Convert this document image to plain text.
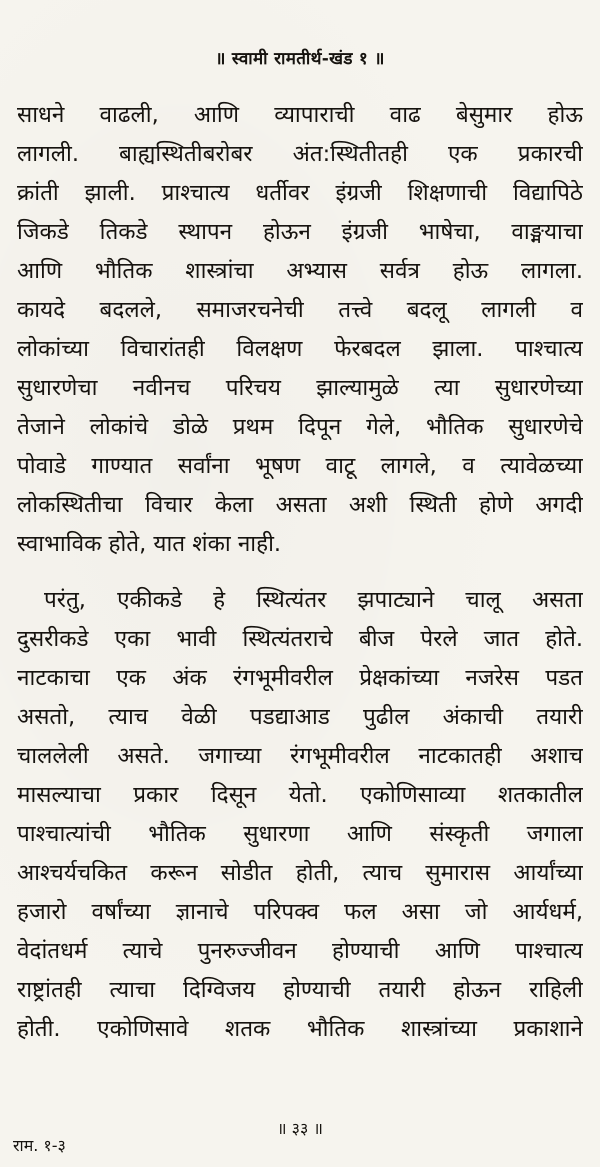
॥ स्वामी रामतीर्थ-खंड १ ॥

साधने वाढली, आणि व्यापाराची वाढ बेसुमार होऊ
लागली. बाह्यस्थितीबरोबर अंत:स्थितीतही एक प्रकारची
क्रांती झाली. प्राश्चात्य धर्तीवर इंग्रजी शिक्षणाची विद्यापिठे
जिकडे तिकडे स्थापन होऊन इंग्रजी भाषेचा, वाङ्मयाचा
आणि भौतिक शास्त्रांचा अभ्यास सर्वत्र होऊ लागला.
कायदे बदलले, समाजरचनेची तत्त्वे बदलू लागली व
लोकांच्या विचारांतही विलक्षण फेरबदल झाला. पाश्चात्य
सुधारणेचा नवीनच परिचय झाल्यामुळे त्या सुधारणेच्या
तेजाने लोकांचे डोळे प्रथम दिपून गेले, भौतिक सुधारणेचे
पोवाडे गाण्यात सर्वांना भूषण वाटू लागले, व त्यावेळच्या
लोकस्थितीचा विचार केला असता अशी स्थिती होणे अगदी
स्वाभाविक होते, यात शंका नाही.

परंतु, एकीकडे हे स्थित्यंतर झपाट्याने चालू असता
दुसरीकडे एका भावी स्थित्यंतराचे बीज पेरले जात होते.
नाटकाचा एक अंक रंगभूमीवरील प्रेक्षकांच्या नजरेस पडत
असतो, त्याच वेळी पडद्याआड पुढील अंकाची तयारी
चाललेली असते. जगाच्या रंगभूमीवरील नाटकातही अशाच
मासल्याचा प्रकार दिसून येतो. एकोणिसाव्या शतकातील
पाश्चात्यांची भौतिक सुधारणा आणि संस्कृती जगाला
आश्चर्यचकित करून सोडीत होती, त्याच सुमारास आर्यांच्या
हजारो वर्षांच्या ज्ञानाचे परिपक्व फल असा जो आर्यधर्म,
वेदांतधर्म त्याचे पुनरुज्जीवन होण्याची आणि पाश्चात्य
राष्ट्रांतही त्याचा दिग्विजय होण्याची तयारी होऊन राहिली
होती. एकोणिसावे शतक भौतिक शास्त्रांच्या प्रकाशाने

॥ ३३ ॥
राम. १-३
